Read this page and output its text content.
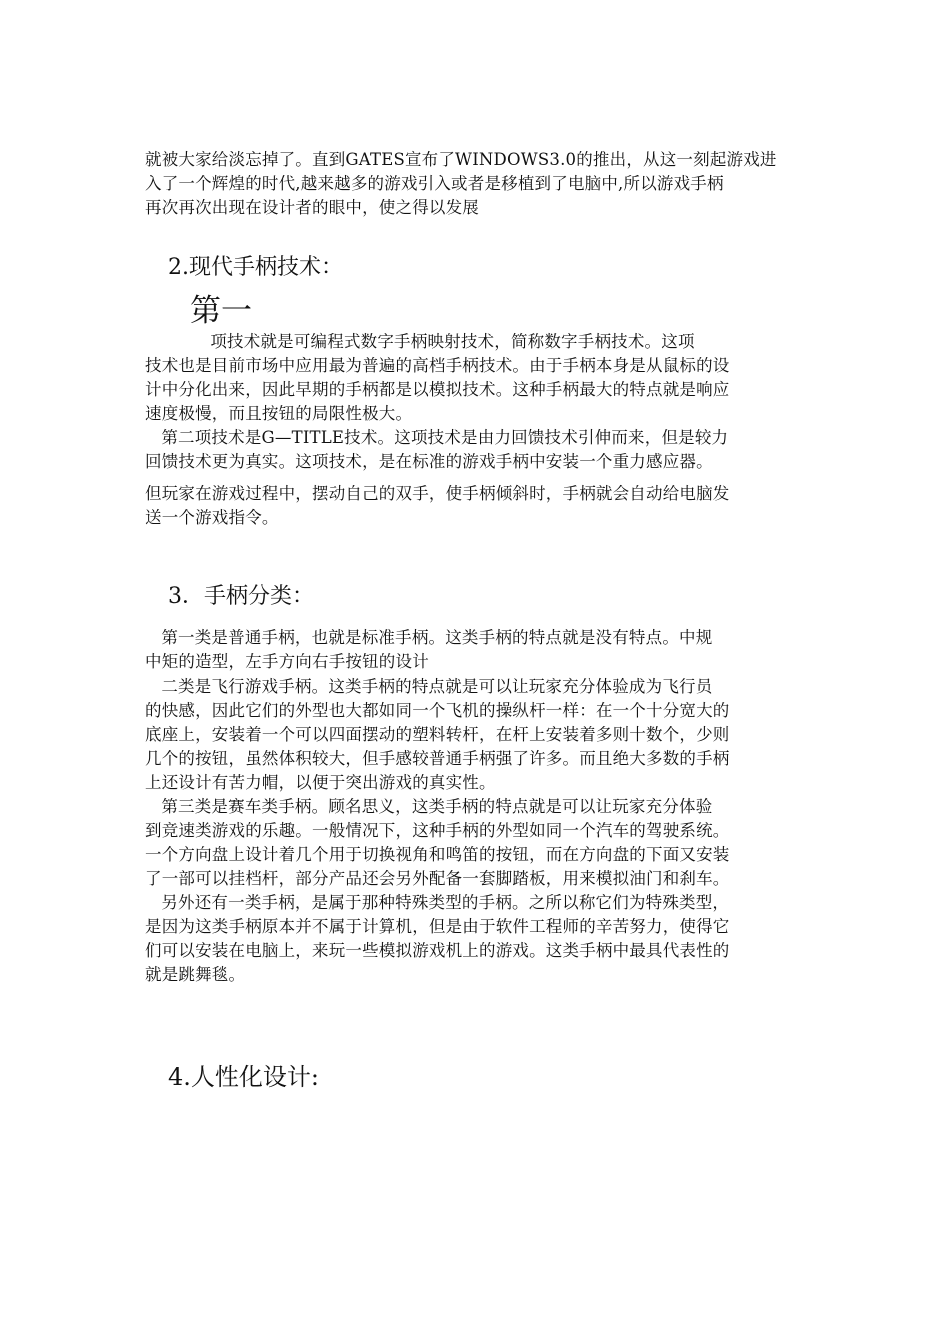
就被大家给淡忘掉了。直到GATES宣布了WINDOWS3.0的推出，从这一刻起游戏进
入了一个辉煌的时代,越来越多的游戏引入或者是移植到了电脑中,所以游戏手柄
再次再次出现在设计者的眼中，使之得以发展
2.现代手柄技术：
第一
项技术就是可编程式数字手柄映射技术，简称数字手柄技术。这项
技术也是目前市场中应用最为普遍的高档手柄技术。由于手柄本身是从鼠标的设
计中分化出来，因此早期的手柄都是以模拟技术。这种手柄最大的特点就是响应
速度极慢，而且按钮的局限性极大。
第二项技术是G—TITLE技术。这项技术是由力回馈技术引伸而来，但是较力
回馈技术更为真实。这项技术，是在标准的游戏手柄中安装一个重力感应器。
但玩家在游戏过程中，摆动自己的双手，使手柄倾斜时，手柄就会自动给电脑发
送一个游戏指令。
3．手柄分类：
第一类是普通手柄，也就是标准手柄。这类手柄的特点就是没有特点。中规
中矩的造型，左手方向右手按钮的设计
二类是飞行游戏手柄。这类手柄的特点就是可以让玩家充分体验成为飞行员
的快感，因此它们的外型也大都如同一个飞机的操纵杆一样：在一个十分宽大的
底座上，安装着一个可以四面摆动的塑料转杆，在杆上安装着多则十数个，少则
几个的按钮，虽然体积较大，但手感较普通手柄强了许多。而且绝大多数的手柄
上还设计有苦力帽，以便于突出游戏的真实性。
第三类是赛车类手柄。顾名思义，这类手柄的特点就是可以让玩家充分体验
到竞速类游戏的乐趣。一般情况下，这种手柄的外型如同一个汽车的驾驶系统。
一个方向盘上设计着几个用于切换视角和鸣笛的按钮，而在方向盘的下面又安装
了一部可以挂档杆，部分产品还会另外配备一套脚踏板，用来模拟油门和刹车。
另外还有一类手柄，是属于那种特殊类型的手柄。之所以称它们为特殊类型，
是因为这类手柄原本并不属于计算机，但是由于软件工程师的辛苦努力，使得它
们可以安装在电脑上，来玩一些模拟游戏机上的游戏。这类手柄中最具代表性的
就是跳舞毯。
4.人性化设计:
